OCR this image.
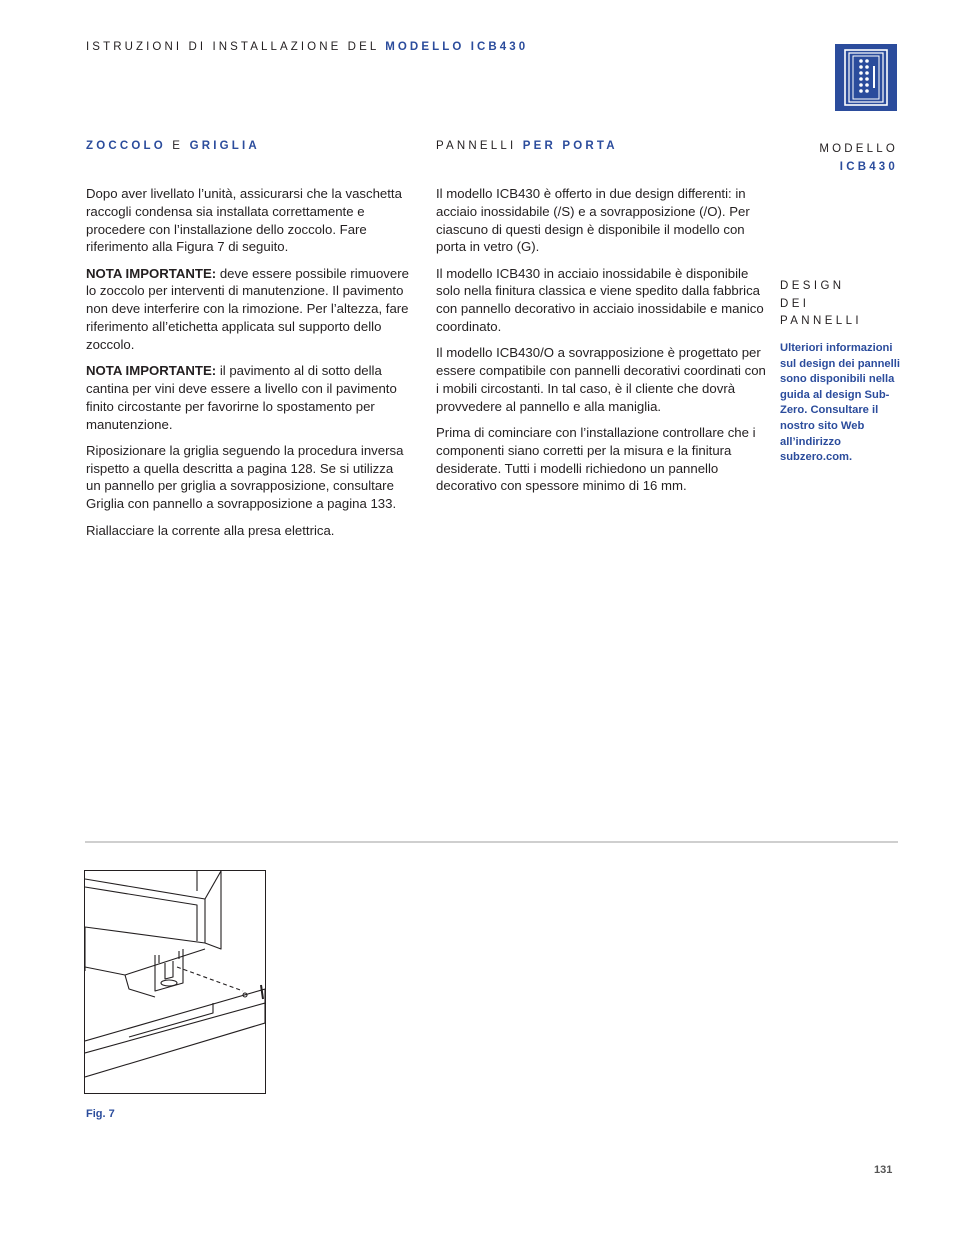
ISTRUZIONI DI INSTALLAZIONE DEL MODELLO ICB430
ZOCCOLO E GRIGLIA	PANNELLI PER PORTA	MODELLO
ICB430

Dopo aver livellato l’unità, assicurarsi che la vaschetta raccogli condensa sia installata correttamente e procedere con l’installazione dello zoccolo. Fare riferimento alla Figura 7 di seguito.

NOTA IMPORTANTE: deve essere possibile rimuovere lo zoccolo per interventi di manutenzione. Il pavimento non deve interferire con la rimozione. Per l’altezza, fare riferimento all’etichetta applicata sul supporto dello zoccolo.

NOTA IMPORTANTE: il pavimento al di sotto della cantina per vini deve essere a livello con il pavimento finito circostante per favorirne lo spostamento per manutenzione.

Riposizionare la griglia seguendo la procedura inversa rispetto a quella descritta a pagina 128. Se si utilizza un pannello per griglia a sovrapposizione, consultare Griglia con pannello a sovrapposizione a pagina 133.

Riallacciare la corrente alla presa elettrica.

Il modello ICB430 è offerto in due design differenti: in acciaio inossidabile (/S) e a sovrapposizione (/O). Per ciascuno di questi design è disponibile il modello con porta in vetro (G).

Il modello ICB430 in acciaio inossidabile è disponibile solo nella finitura classica e viene spedito dalla fabbrica con pannello decorativo in acciaio inossidabile e manico coordinato.

Il modello ICB430/O a sovrapposizione è progettato per essere compatibile con pannelli decorativi coordinati con i mobili circostanti. In tal caso, è il cliente che dovrà provvedere al pannello e alla maniglia.

Prima di cominciare con l’installazione controllare che i componenti siano corretti per la misura e la finitura desiderate. Tutti i modelli richiedono un pannello decorativo con spessore minimo di 16 mm.

DESIGN
DEI
PANNELLI
Ulteriori informazioni sul design dei pannelli sono disponibili nella guida al design Sub-Zero. Consultare il nostro sito Web all’indirizzo subzero.com.
Fig. 7
131
